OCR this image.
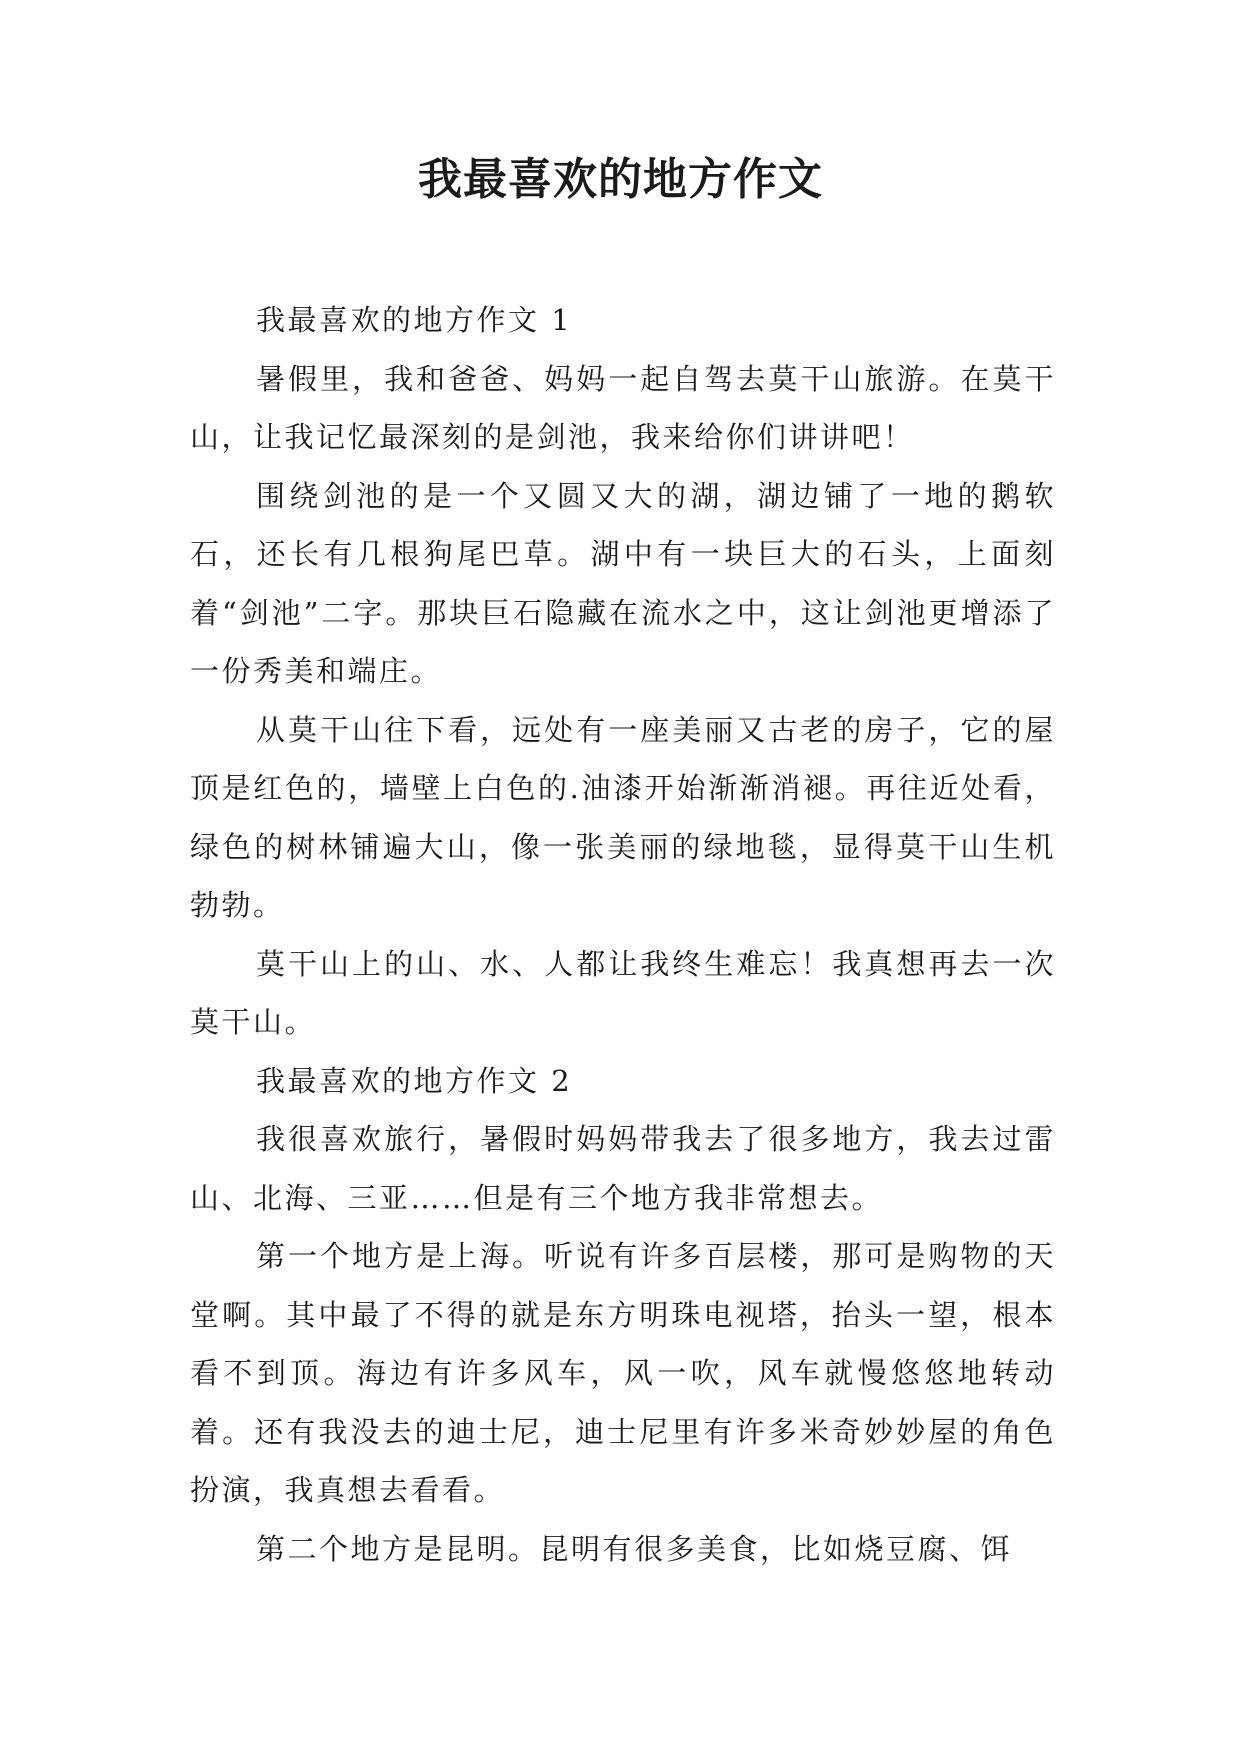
我最喜欢的地方作文

我最喜欢的地方作文 1

暑假里，我和爸爸、妈妈一起自驾去莫干山旅游。在莫干山，让我记忆最深刻的是剑池，我来给你们讲讲吧！

围绕剑池的是一个又圆又大的湖，湖边铺了一地的鹅软石，还长有几根狗尾巴草。湖中有一块巨大的石头，上面刻着“剑池”二字。那块巨石隐藏在流水之中，这让剑池更增添了一份秀美和端庄。

从莫干山往下看，远处有一座美丽又古老的房子，它的屋顶是红色的，墙壁上白色的.油漆开始渐渐消褪。再往近处看，绿色的树林铺遍大山，像一张美丽的绿地毯，显得莫干山生机勃勃。

莫干山上的山、水、人都让我终生难忘！我真想再去一次莫干山。

我最喜欢的地方作文 2

我很喜欢旅行，暑假时妈妈带我去了很多地方，我去过雷山、北海、三亚……但是有三个地方我非常想去。

第一个地方是上海。听说有许多百层楼，那可是购物的天堂啊。其中最了不得的就是东方明珠电视塔，抬头一望，根本看不到顶。海边有许多风车，风一吹，风车就慢悠悠地转动着。还有我没去的迪士尼，迪士尼里有许多米奇妙妙屋的角色扮演，我真想去看看。

第二个地方是昆明。昆明有很多美食，比如烧豆腐、饵
